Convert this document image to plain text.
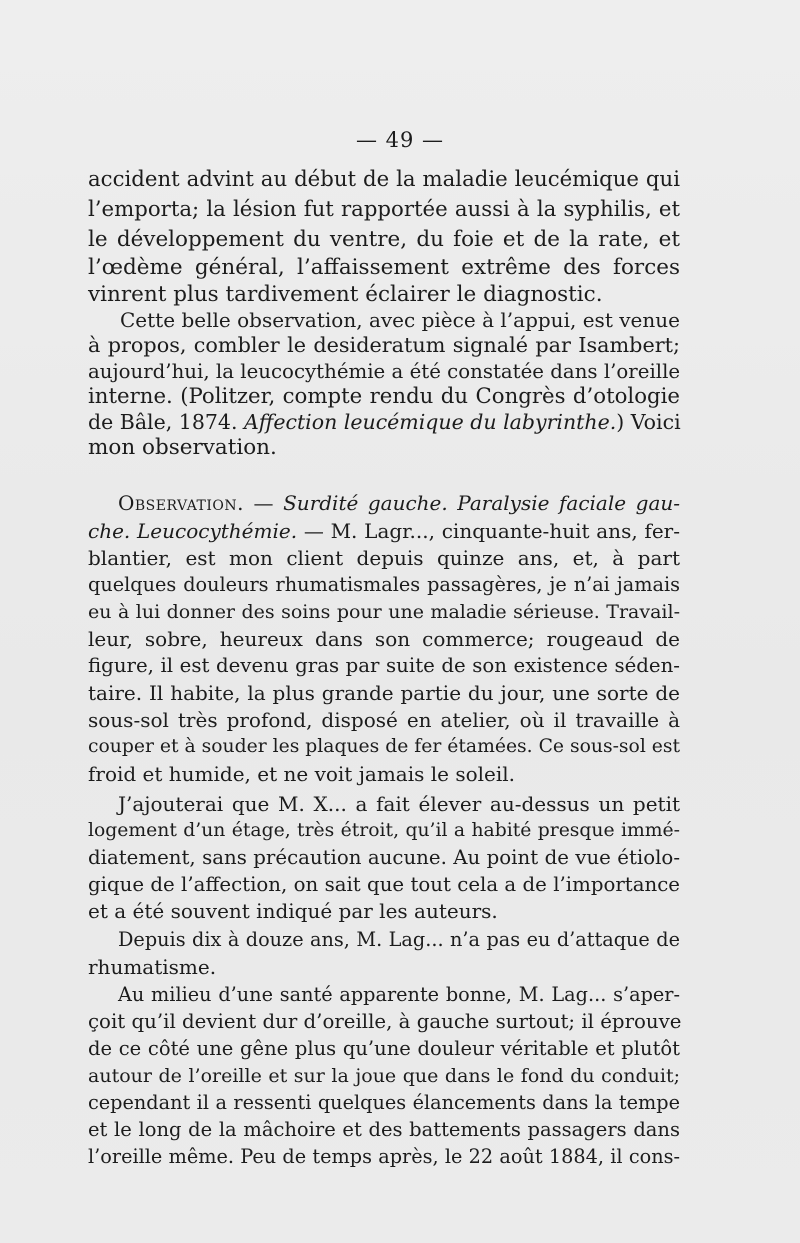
— 49 —
accident advint au début de la maladie leucémique qui
l’emporta; la lésion fut rapportée aussi à la syphilis, et
le développement du ventre, du foie et de la rate, et
l’œdème général, l’affaissement extrême des forces
vinrent plus tardivement éclairer le diagnostic.
Cette belle observation, avec pièce à l’appui, est venue
à propos, combler le desideratum signalé par Isambert;
aujourd’hui, la leucocythémie a été constatée dans l’oreille
interne. (Politzer, compte rendu du Congrès d’otologie
de Bâle, 1874. Affection leucémique du labyrinthe.) Voici
mon observation.
Observation. — Surdité gauche. Paralysie faciale gau-
che. Leucocythémie. — M. Lagr..., cinquante-huit ans, fer-
blantier, est mon client depuis quinze ans, et, à part
quelques douleurs rhumatismales passagères, je n’ai jamais
eu à lui donner des soins pour une maladie sérieuse. Travail-
leur, sobre, heureux dans son commerce; rougeaud de
figure, il est devenu gras par suite de son existence séden-
taire. Il habite, la plus grande partie du jour, une sorte de
sous-sol très profond, disposé en atelier, où il travaille à
couper et à souder les plaques de fer étamées. Ce sous-sol est
froid et humide, et ne voit jamais le soleil.
J’ajouterai que M. X... a fait élever au-dessus un petit
logement d’un étage, très étroit, qu’il a habité presque immé-
diatement, sans précaution aucune. Au point de vue étiolo-
gique de l’affection, on sait que tout cela a de l’importance
et a été souvent indiqué par les auteurs.
Depuis dix à douze ans, M. Lag... n’a pas eu d’attaque de
rhumatisme.
Au milieu d’une santé apparente bonne, M. Lag... s’aper-
çoit qu’il devient dur d’oreille, à gauche surtout; il éprouve
de ce côté une gêne plus qu’une douleur véritable et plutôt
autour de l’oreille et sur la joue que dans le fond du conduit;
cependant il a ressenti quelques élancements dans la tempe
et le long de la mâchoire et des battements passagers dans
l’oreille même. Peu de temps après, le 22 août 1884, il cons-
